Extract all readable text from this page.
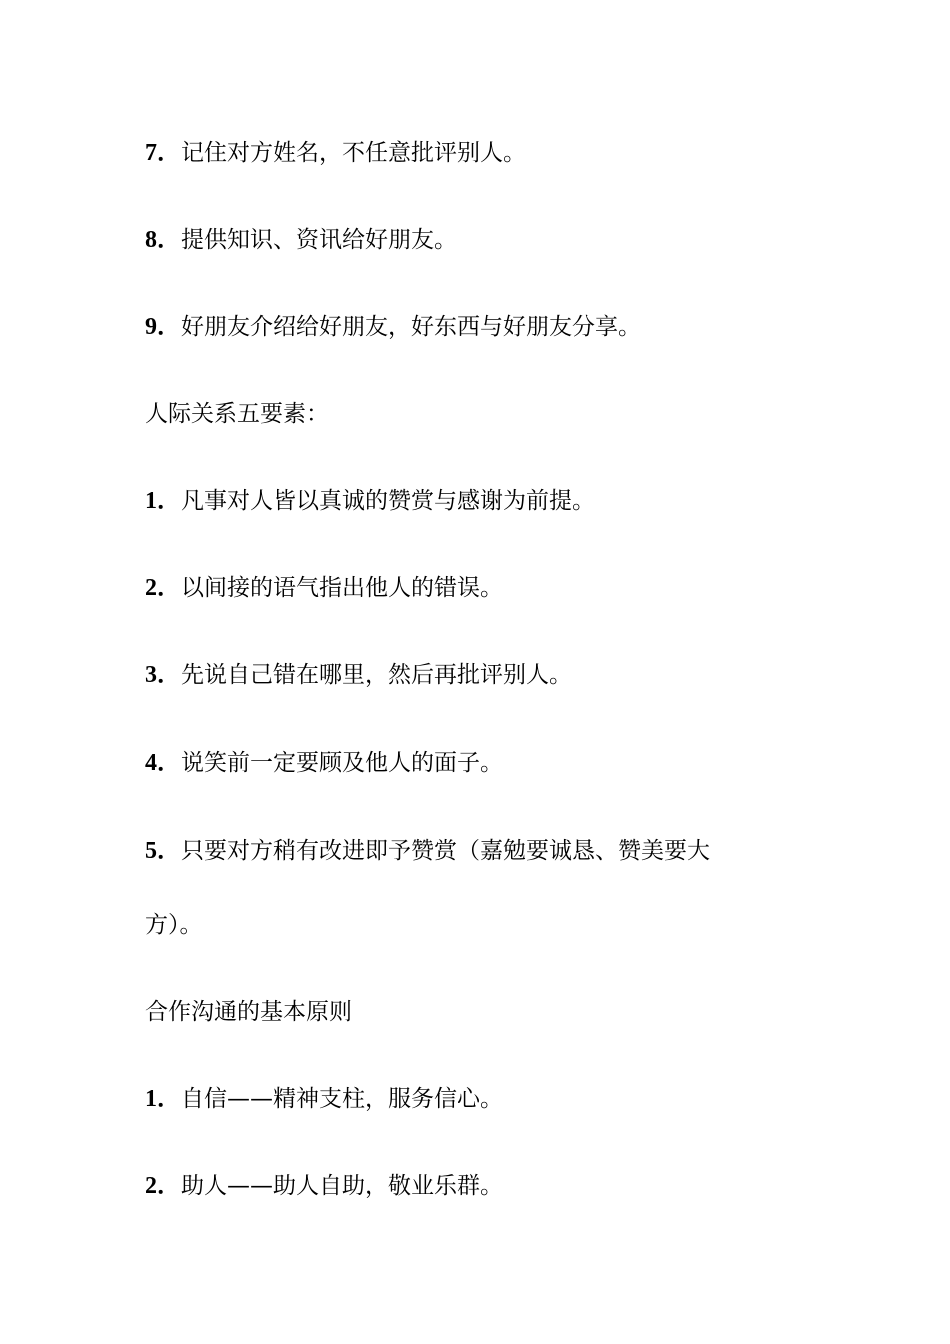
7．记住对方姓名，不任意批评别人。
8．提供知识、资讯给好朋友。
9．好朋友介绍给好朋友，好东西与好朋友分享。
人际关系五要素：
1．凡事对人皆以真诚的赞赏与感谢为前提。
2．以间接的语气指出他人的错误。
3．先说自己错在哪里，然后再批评别人。
4．说笑前一定要顾及他人的面子。
5．只要对方稍有改进即予赞赏（嘉勉要诚恳、赞美要大
方）。
合作沟通的基本原则
1．自信——精神支柱，服务信心。
2．助人——助人自助，敬业乐群。
